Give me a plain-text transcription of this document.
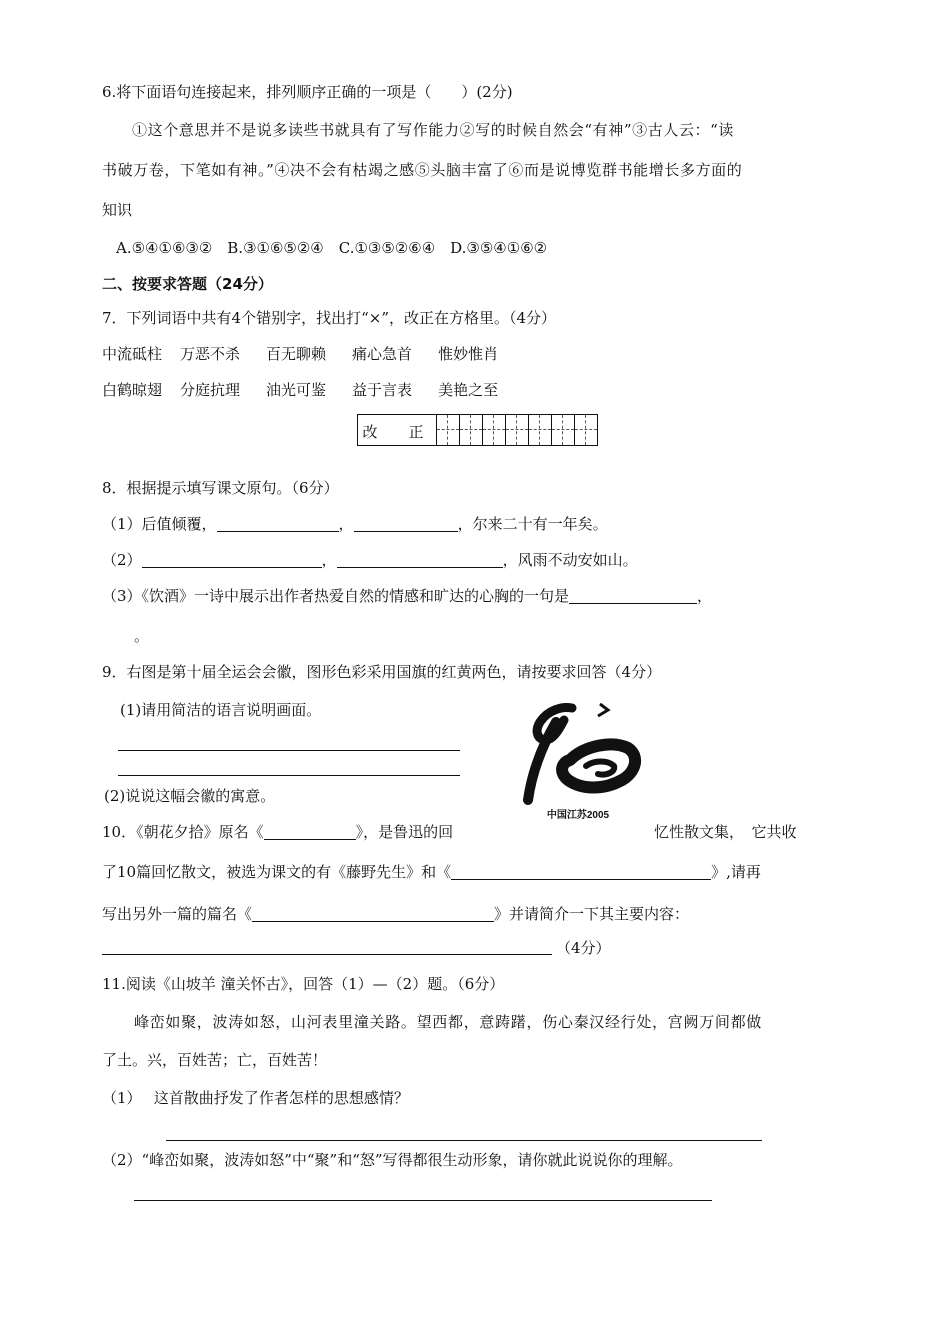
6.将下面语句连接起来，排列顺序正确的一项是（　　）(2分)
①这个意思并不是说多读些书就具有了写作能力②写的时候自然会“有神”③古人云：“读
书破万卷，下笔如有神。”④决不会有枯竭之感⑤头脑丰富了⑥而是说博览群书能增长多方面的
知识
A.⑤④①⑥③②　B.③①⑥⑤②④　C.①③⑤②⑥④　D.③⑤④①⑥②
二、按要求答题（24分）
7．下列词语中共有4个错别字，找出打“×”，改正在方格里。（4分）
中流砥柱 万恶不杀 百无聊赖 痛心急首 惟妙惟肖
白鹤晾翅 分庭抗理 油光可鉴 益于言表 美艳之至
改　正							
8．根据提示填写课文原句。（6分）
（1）后值倾覆，	，	，尔来二十有一年矣。
（2）	，	，风雨不动安如山。
（3）《饮酒》一诗中展示出作者热爱自然的情感和旷达的心胸的一句是	，
。
9．右图是第十届全运会会徽，图形色彩采用国旗的红黄两色，请按要求回答（4分）
(1)请用简洁的语言说明画面。
(2)说说这幅会徽的寓意。
中国江苏2005
10．《朝花夕拾》原名《	》，是鲁迅的回	忆性散文集，　它共收
了10篇回忆散文，被选为课文的有《藤野先生》和《	》,请再
写出另外一篇的篇名《	》并请简介一下其主要内容：
（4分）
11.阅读《山坡羊 潼关怀古》，回答（1）—（2）题。（6分）
峰峦如聚，波涛如怒，山河表里潼关路。望西都，意踌躇，伤心秦汉经行处，宫阙万间都做
了土。兴，百姓苦；亡，百姓苦！
（1）　 这首散曲抒发了作者怎样的思想感情？
（2）“峰峦如聚，波涛如怒”中“聚”和“怒”写得都很生动形象，请你就此说说你的理解。
